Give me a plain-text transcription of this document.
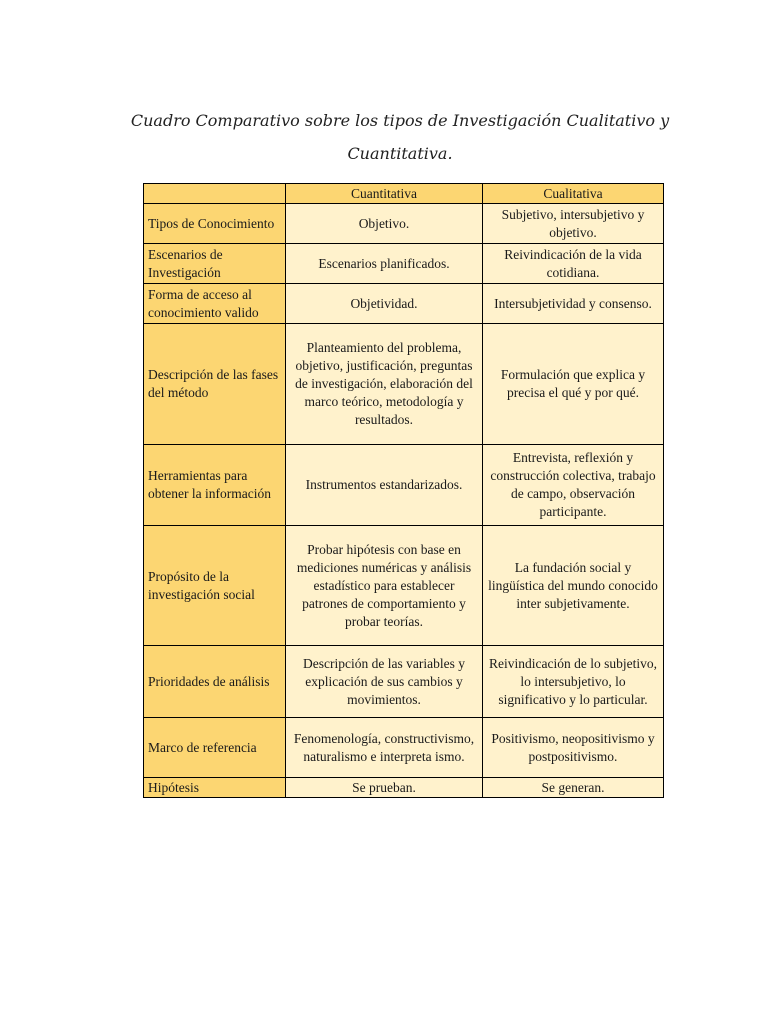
Cuadro Comparativo sobre los tipos de Investigación Cualitativo y
Cuantitativa.
	Cuantitativa	Cualitativa
Tipos de Conocimiento	Objetivo.	Subjetivo, intersubjetivo y objetivo.
Escenarios de Investigación	Escenarios planificados.	Reivindicación de la vida cotidiana.
Forma de acceso al conocimiento valido	Objetividad.	Intersubjetividad y consenso.
Descripción de las fases del método	Planteamiento del problema, objetivo, justificación, preguntas de investigación, elaboración del marco teórico, metodología y resultados.	Formulación que explica y precisa el qué y por qué.
Herramientas para obtener la información	Instrumentos estandarizados.	Entrevista, reflexión y construcción colectiva, trabajo de campo, observación participante.
Propósito de la investigación social	Probar hipótesis con base en mediciones numéricas y análisis estadístico para establecer patrones de comportamiento y probar teorías.	La fundación social y lingüística del mundo conocido inter subjetivamente.
Prioridades de análisis	Descripción de las variables y explicación de sus cambios y movimientos.	Reivindicación de lo subjetivo, lo intersubjetivo, lo significativo y lo particular.
Marco de referencia	Fenomenología, constructivismo, naturalismo e interpreta ismo.	Positivismo, neopositivismo y postpositivismo.
Hipótesis	Se prueban.	Se generan.
